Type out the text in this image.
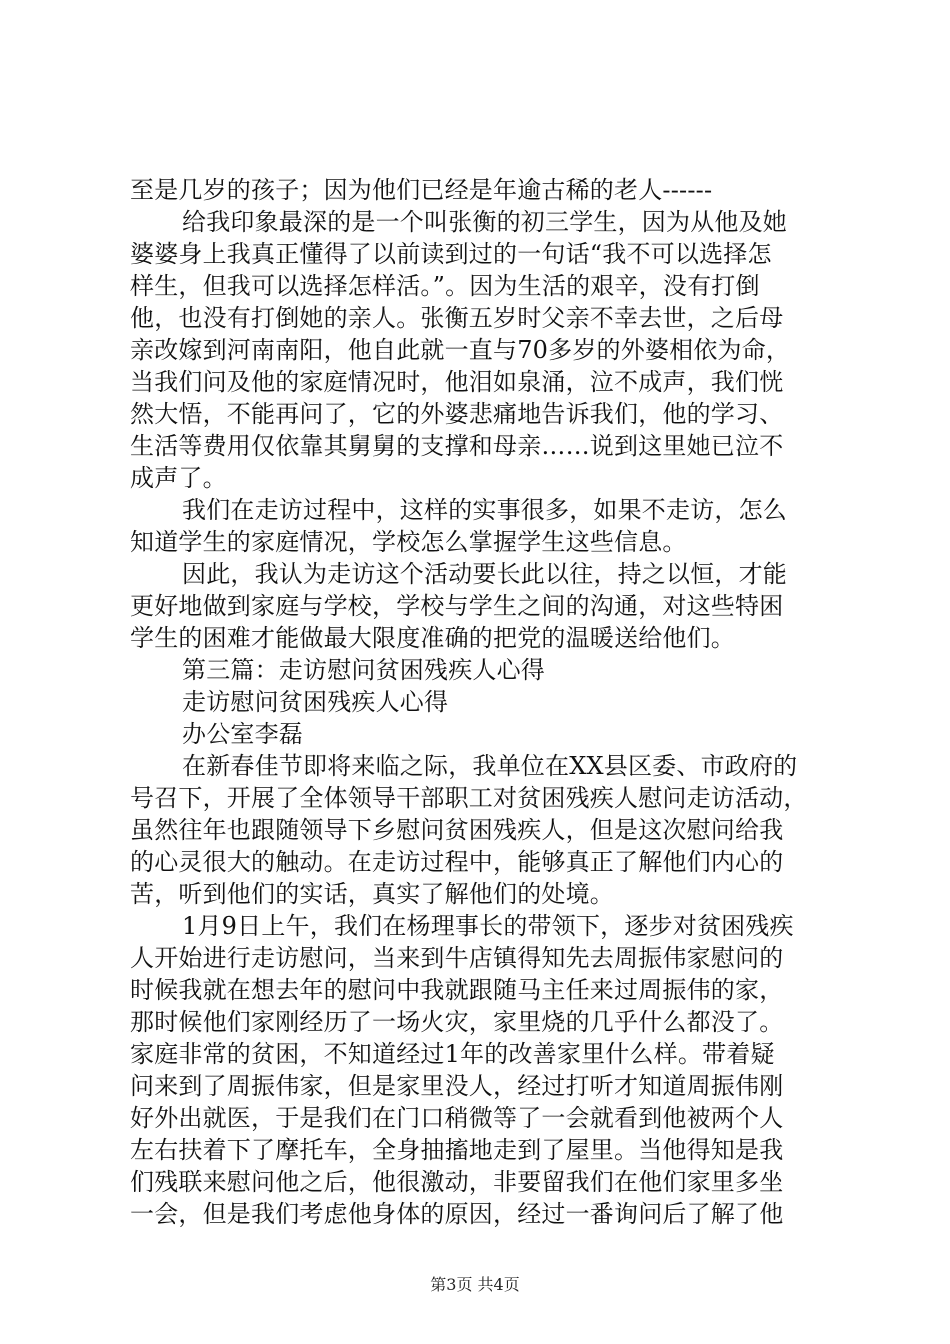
至是几岁的孩子；因为他们已经是年逾古稀的老人------
给我印象最深的是一个叫张衡的初三学生，因为从他及她
婆婆身上我真正懂得了以前读到过的一句话“我不可以选择怎
样生，但我可以选择怎样活。”。因为生活的艰辛，没有打倒
他，也没有打倒她的亲人。张衡五岁时父亲不幸去世，之后母
亲改嫁到河南南阳，他自此就一直与70多岁的外婆相依为命，
当我们问及他的家庭情况时，他泪如泉涌，泣不成声，我们恍
然大悟，不能再问了，它的外婆悲痛地告诉我们，他的学习、
生活等费用仅依靠其舅舅的支撑和母亲……说到这里她已泣不
成声了。
我们在走访过程中，这样的实事很多，如果不走访，怎么
知道学生的家庭情况，学校怎么掌握学生这些信息。
因此，我认为走访这个活动要长此以往，持之以恒，才能
更好地做到家庭与学校，学校与学生之间的沟通，对这些特困
学生的困难才能做最大限度准确的把党的温暖送给他们。
第三篇：走访慰问贫困残疾人心得
走访慰问贫困残疾人心得
办公室李磊
在新春佳节即将来临之际，我单位在XX县区委、市政府的
号召下，开展了全体领导干部职工对贫困残疾人慰问走访活动，
虽然往年也跟随领导下乡慰问贫困残疾人，但是这次慰问给我
的心灵很大的触动。在走访过程中，能够真正了解他们内心的
苦，听到他们的实话，真实了解他们的处境。
1月9日上午，我们在杨理事长的带领下，逐步对贫困残疾
人开始进行走访慰问，当来到牛店镇得知先去周振伟家慰问的
时候我就在想去年的慰问中我就跟随马主任来过周振伟的家，
那时候他们家刚经历了一场火灾，家里烧的几乎什么都没了。
家庭非常的贫困，不知道经过1年的改善家里什么样。带着疑
问来到了周振伟家，但是家里没人，经过打听才知道周振伟刚
好外出就医，于是我们在门口稍微等了一会就看到他被两个人
左右扶着下了摩托车，全身抽搐地走到了屋里。当他得知是我
们残联来慰问他之后，他很激动，非要留我们在他们家里多坐
一会，但是我们考虑他身体的原因，经过一番询问后了解了他
第3页 共4页
